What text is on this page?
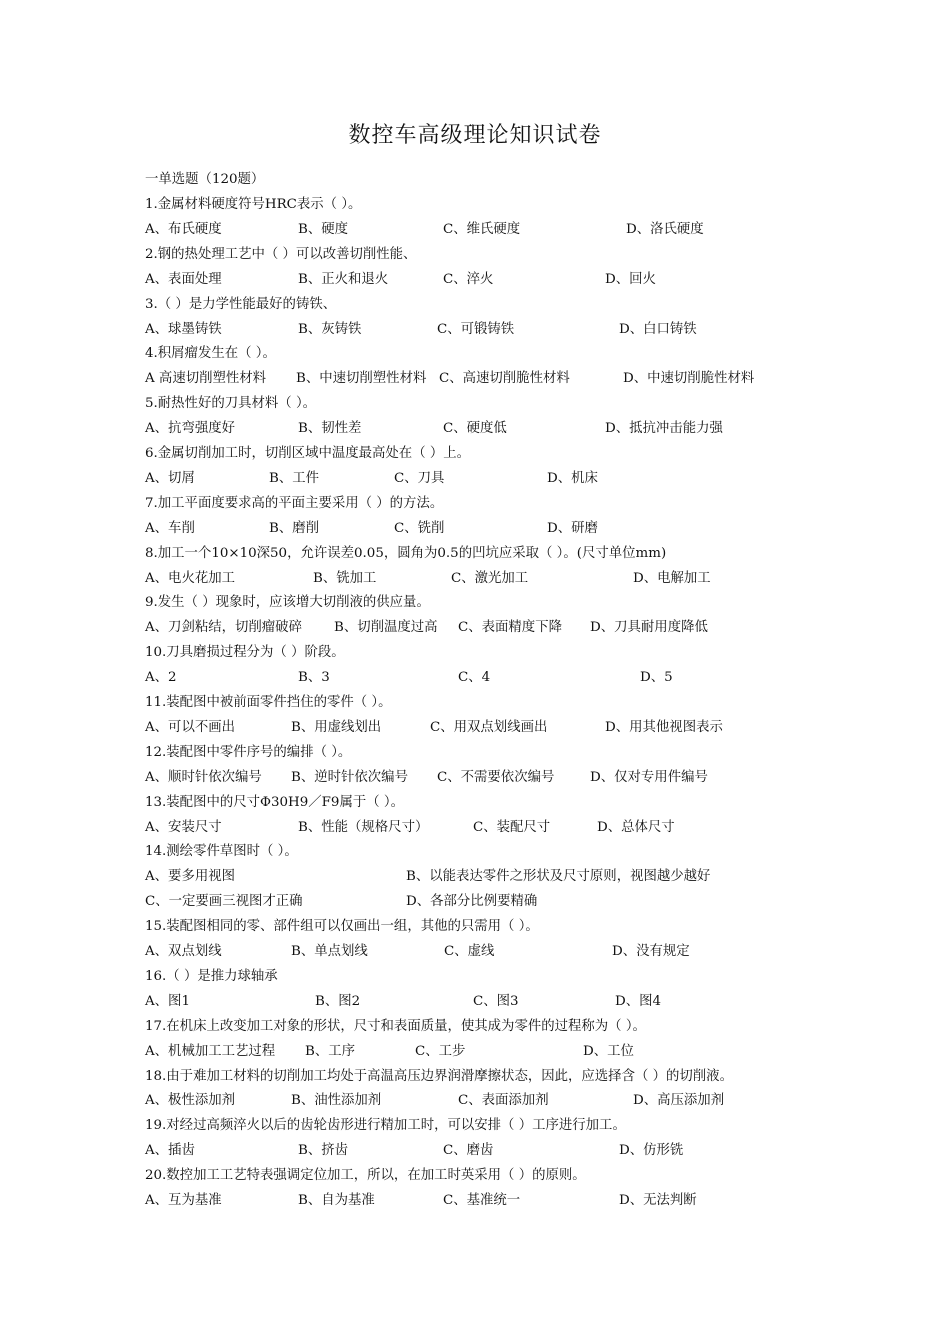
数控车高级理论知识试卷
一单选题（120题）
1.金属材料硬度符号HRC表示（ ）。
A、布氏硬度	B、硬度	C、维氏硬度	D、洛氏硬度
2.钢的热处理工艺中（ ）可以改善切削性能、
A、表面处理	B、正火和退火	C、淬火	D、回火
3.（ ）是力学性能最好的铸铁、
A、球墨铸铁	B、灰铸铁	C、可锻铸铁	D、白口铸铁
4.积屑瘤发生在（ ）。
A 高速切削塑性材料 B、中速切削塑性材料 C、高速切削脆性材料	D、中速切削脆性材料
5.耐热性好的刀具材料（ ）。
A、抗弯强度好	B、韧性差	C、硬度低	D、抵抗冲击能力强
6.金属切削加工时，切削区域中温度最高处在（ ）上。
A、切屑	B、工件	C、刀具	D、机床
7.加工平面度要求高的平面主要采用（ ）的方法。
A、车削	B、磨削	C、铣削	D、研磨
8.加工一个10×10深50，允许误差0.05，圆角为0.5的凹坑应采取（ ）。(尺寸单位mm)
A、电火花加工	B、铣加工	C、激光加工	D、电解加工
9.发生（ ）现象时，应该增大切削液的供应量。
A、刀剑粘结，切削瘤破碎 B、切削温度过高 C、表面精度下降 D、刀具耐用度降低
10.刀具磨损过程分为（ ）阶段。
A、2	B、3	C、4	D、5
11.装配图中被前面零件挡住的零件（ ）。
A、可以不画出	B、用虚线划出	C、用双点划线画出	D、用其他视图表示
12.装配图中零件序号的编排（ ）。
A、顺时针依次编号 B、逆时针依次编号 C、不需要依次编号	D、仅对专用件编号
13.装配图中的尺寸Φ30H9／F9属于（ ）。
A、安装尺寸	B、性能（规格尺寸）	C、装配尺寸	D、总体尺寸
14.测绘零件草图时（ ）。
A、要多用视图	B、以能表达零件之形状及尺寸原则，视图越少越好
C、一定要画三视图才正确	D、各部分比例要精确
15.装配图相同的零、部件组可以仅画出一组，其他的只需用（ ）。
A、双点划线	B、单点划线	C、虚线	D、没有规定
16.（ ）是推力球轴承
A、图1	B、图2	C、图3	D、图4
17.在机床上改变加工对象的形状，尺寸和表面质量，使其成为零件的过程称为（ ）。
A、机械加工工艺过程 B、工序	C、工步	D、工位
18.由于难加工材料的切削加工均处于高温高压边界润滑摩擦状态，因此，应选择含（ ）的切削液。
A、极性添加剂	B、油性添加剂	C、表面添加剂	D、高压添加剂
19.对经过高频淬火以后的齿轮齿形进行精加工时，可以安排（ ）工序进行加工。
A、插齿	B、挤齿	C、磨齿	D、仿形铣
20.数控加工工艺特表强调定位加工，所以，在加工时英采用（ ）的原则。
A、互为基准	B、自为基准	C、基准统一	D、无法判断
